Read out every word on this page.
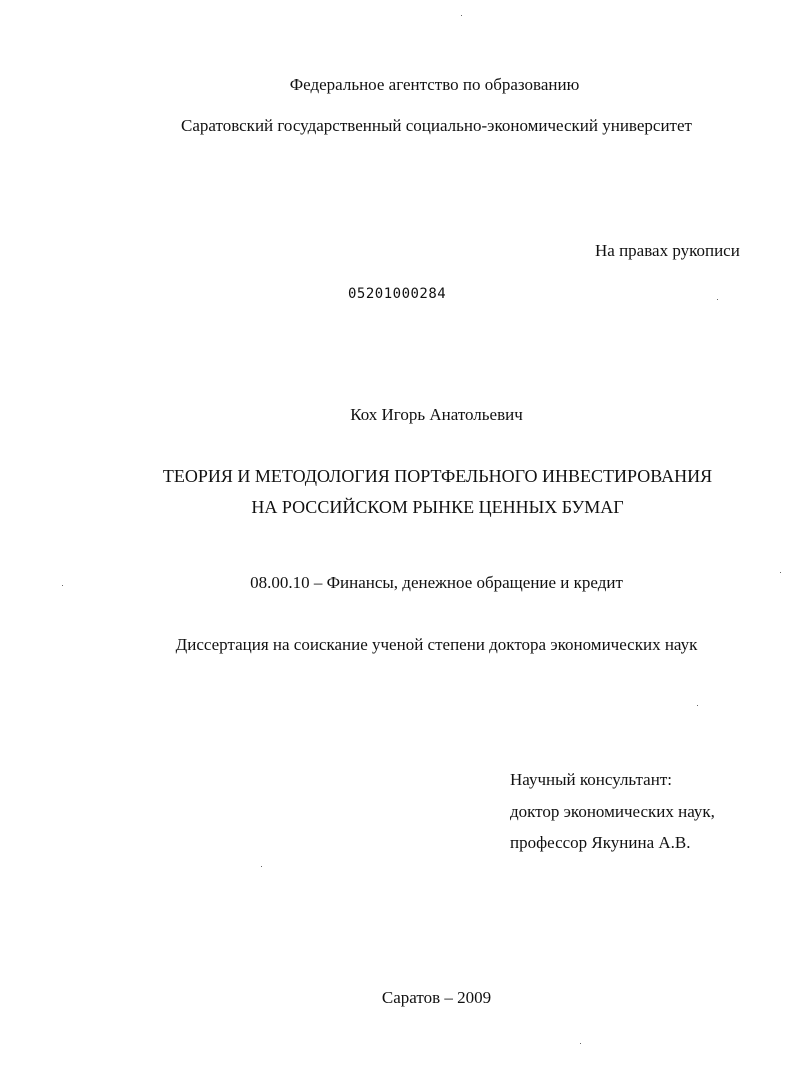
Федеральное агентство по образованию
Саратовский государственный социально-экономический университет
На правах рукописи
05201000284
Кох Игорь Анатольевич
ТЕОРИЯ И МЕТОДОЛОГИЯ ПОРТФЕЛЬНОГО ИНВЕСТИРОВАНИЯ
НА РОССИЙСКОМ РЫНКЕ ЦЕННЫХ БУМАГ
08.00.10 – Финансы, денежное обращение и кредит
Диссертация на соискание ученой степени доктора экономических наук
Научный консультант:
доктор экономических наук,
профессор Якунина А.В.
Саратов – 2009
